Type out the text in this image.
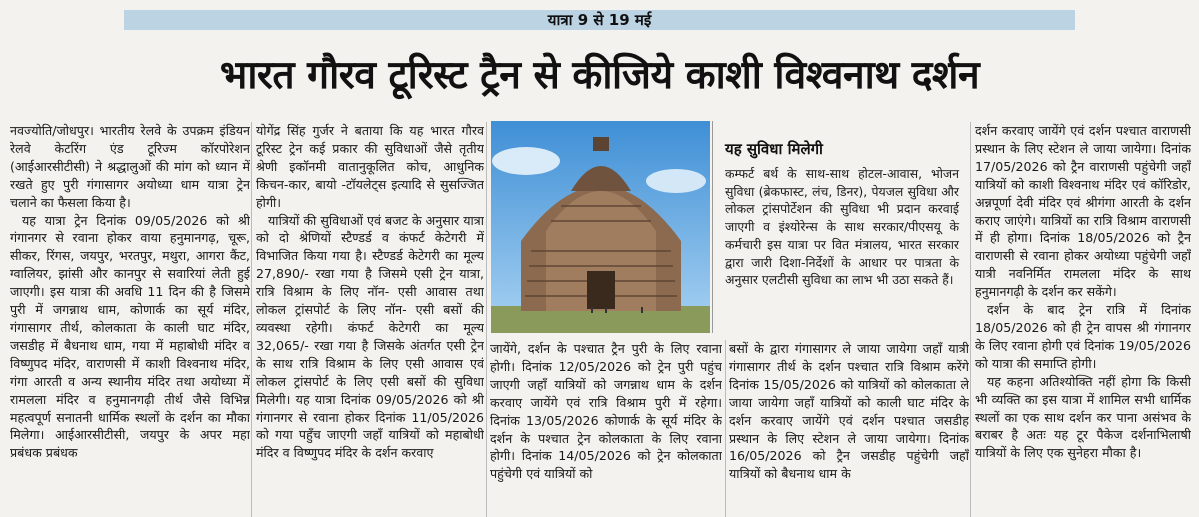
यात्रा 9 से 19 मई
भारत गौरव टूरिस्ट ट्रैन से कीजिये काशी विश्वनाथ दर्शन

नवज्योति/जोधपुर। भारतीय रेलवे के उपक्रम इंडियन रेलवे केटरिंग एंड टूरिज्म कॉरपोरेशन (आईआरसीटीसी) ने श्रद्धालुओं की मांग को ध्यान में रखते हुए पुरी गंगासागर अयोध्या धाम यात्रा ट्रेन चलाने का फैसला किया है।

यह यात्रा ट्रेन दिनांक 09/05/2026 को श्री गंगानगर से रवाना होकर वाया हनुमानगढ़, चूरू, सीकर, रिंगस, जयपुर, भरतपुर, मथुरा, आगरा कैंट, ग्वालियर, झांसी और कानपुर से सवारियां लेती हुई जाएगी। इस यात्रा की अवधि 11 दिन की है जिसमे पुरी में जगन्नाथ धाम, कोणार्क का सूर्य मंदिर, गंगासागर तीर्थ, कोलकाता के काली घाट मंदिर, जसडीह में बैधनाथ धाम, गया में महाबोधी मंदिर व विष्णुपद मंदिर, वाराणसी में काशी विश्वनाथ मंदिर, गंगा आरती व अन्य स्थानीय मंदिर तथा अयोध्या में रामलला मंदिर व हनुमानगढ़ी तीर्थ जैसे विभिन्न महत्वपूर्ण सनातनी धार्मिक स्थलों के दर्शन का मौका मिलेगा। आईआरसीटीसी, जयपुर के अपर महा प्रबंधक प्रबंधक

योगेंद्र सिंह गुर्जर ने बताया कि यह भारत गौरव टूरिस्ट ट्रेन कई प्रकार की सुविधाओं जैसे तृतीय श्रेणी इकॉनमी वातानुकूलित कोच, आधुनिक किचन-कार, बायो -टॉयलेट्स इत्यादि से सुसज्जित होगी।

यात्रियों की सुविधाओं एवं बजट के अनुसार यात्रा को दो श्रेणियों स्टैण्डर्ड व कंफर्ट केटेगरी में विभाजित किया गया है। स्टैण्डर्ड केटेगरी का मूल्य 27,890/- रखा गया है जिसमे एसी ट्रेन यात्रा, रात्रि विश्राम के लिए नॉन- एसी आवास तथा लोकल ट्रांसपोर्ट के लिए नॉन- एसी बसों की व्यवस्था रहेगी। कंफर्ट केटेगरी का मूल्य 32,065/- रखा गया है जिसके अंतर्गत एसी ट्रेन के साथ रात्रि विश्राम के लिए एसी आवास एवं लोकल ट्रांसपोर्ट के लिए एसी बसों की सुविधा मिलेगी। यह यात्रा दिनांक 09/05/2026 को श्री गंगानगर से रवाना होकर दिनांक 11/05/2026 को गया पहुँच जाएगी जहाँ यात्रियों को महाबोधी मंदिर व विष्णुपद मंदिर के दर्शन करवाए

यह सुविधा मिलेगी
कम्फर्ट बर्थ के साथ-साथ होटल-आवास, भोजन सुविधा (ब्रेकफास्ट, लंच, डिनर), पेयजल सुविधा और लोकल ट्रांसपोर्टेशन की सुविधा भी प्रदान करवाई जाएगी व इंश्योरेन्स के साथ सरकार/पीएसयू के कर्मचारी इस यात्रा पर वित मंत्रालय, भारत सरकार द्वारा जारी दिशा-निर्देशों के आधार पर पात्रता के अनुसार एलटीसी सुविधा का लाभ भी उठा सकते हैं।

जायेंगे, दर्शन के पश्चात ट्रैन पुरी के लिए रवाना होगी। दिनांक 12/05/2026 को ट्रेन पुरी पहुंच जाएगी जहाँ यात्रियों को जगन्नाथ धाम के दर्शन करवाए जायेंगे एवं रात्रि विश्राम पुरी में रहेगा। दिनांक 13/05/2026 कोणार्क के सूर्य मंदिर के दर्शन के पश्चात ट्रेन कोलकाता के लिए रवाना होगी। दिनांक 14/05/2026 को ट्रेन कोलकाता पहुंचेगी एवं यात्रियों को

बसों के द्वारा गंगासागर ले जाया जायेगा जहाँ यात्री गंगासागर तीर्थ के दर्शन पश्चात रात्रि विश्राम करेंगे दिनांक 15/05/2026 को यात्रियों को कोलकाता ले जाया जायेगा जहाँ यात्रियों को काली घाट मंदिर के दर्शन करवाए जायेंगे एवं दर्शन पश्चात जसडीह प्रस्थान के लिए स्टेशन ले जाया जायेगा। दिनांक 16/05/2026 को ट्रैन जसडीह पहुंचेगी जहाँ यात्रियों को बैधनाथ धाम के

दर्शन करवाए जायेंगे एवं दर्शन पश्चात वाराणसी प्रस्थान के लिए स्टेशन ले जाया जायेगा। दिनांक 17/05/2026 को ट्रैन वाराणसी पहुंचेगी जहाँ यात्रियों को काशी विश्वनाथ मंदिर एवं कॉरिडोर, अन्नपूर्णा देवी मंदिर एवं श्रीगंगा आरती के दर्शन कराए जाएंगे। यात्रियों का रात्रि विश्राम वाराणसी में ही होगा। दिनांक 18/05/2026 को ट्रैन वाराणसी से रवाना होकर अयोध्या पहुंचेगी जहाँ यात्री नवनिर्मित रामलला मंदिर के साथ हनुमानगढ़ी के दर्शन कर सकेंगे।

दर्शन के बाद ट्रेन रात्रि में दिनांक 18/05/2026 को ही ट्रेन वापस श्री गंगानगर के लिए रवाना होगी एवं दिनांक 19/05/2026 को यात्रा की समाप्ति होगी।

यह कहना अतिश्योक्ति नहीं होगा कि किसी भी व्यक्ति का इस यात्रा में शामिल सभी धार्मिक स्थलों का एक साथ दर्शन कर पाना असंभव के बराबर है अतः यह टूर पैकेज दर्शनाभिलाषी यात्रियों के लिए एक सुनेहरा मौका है।
